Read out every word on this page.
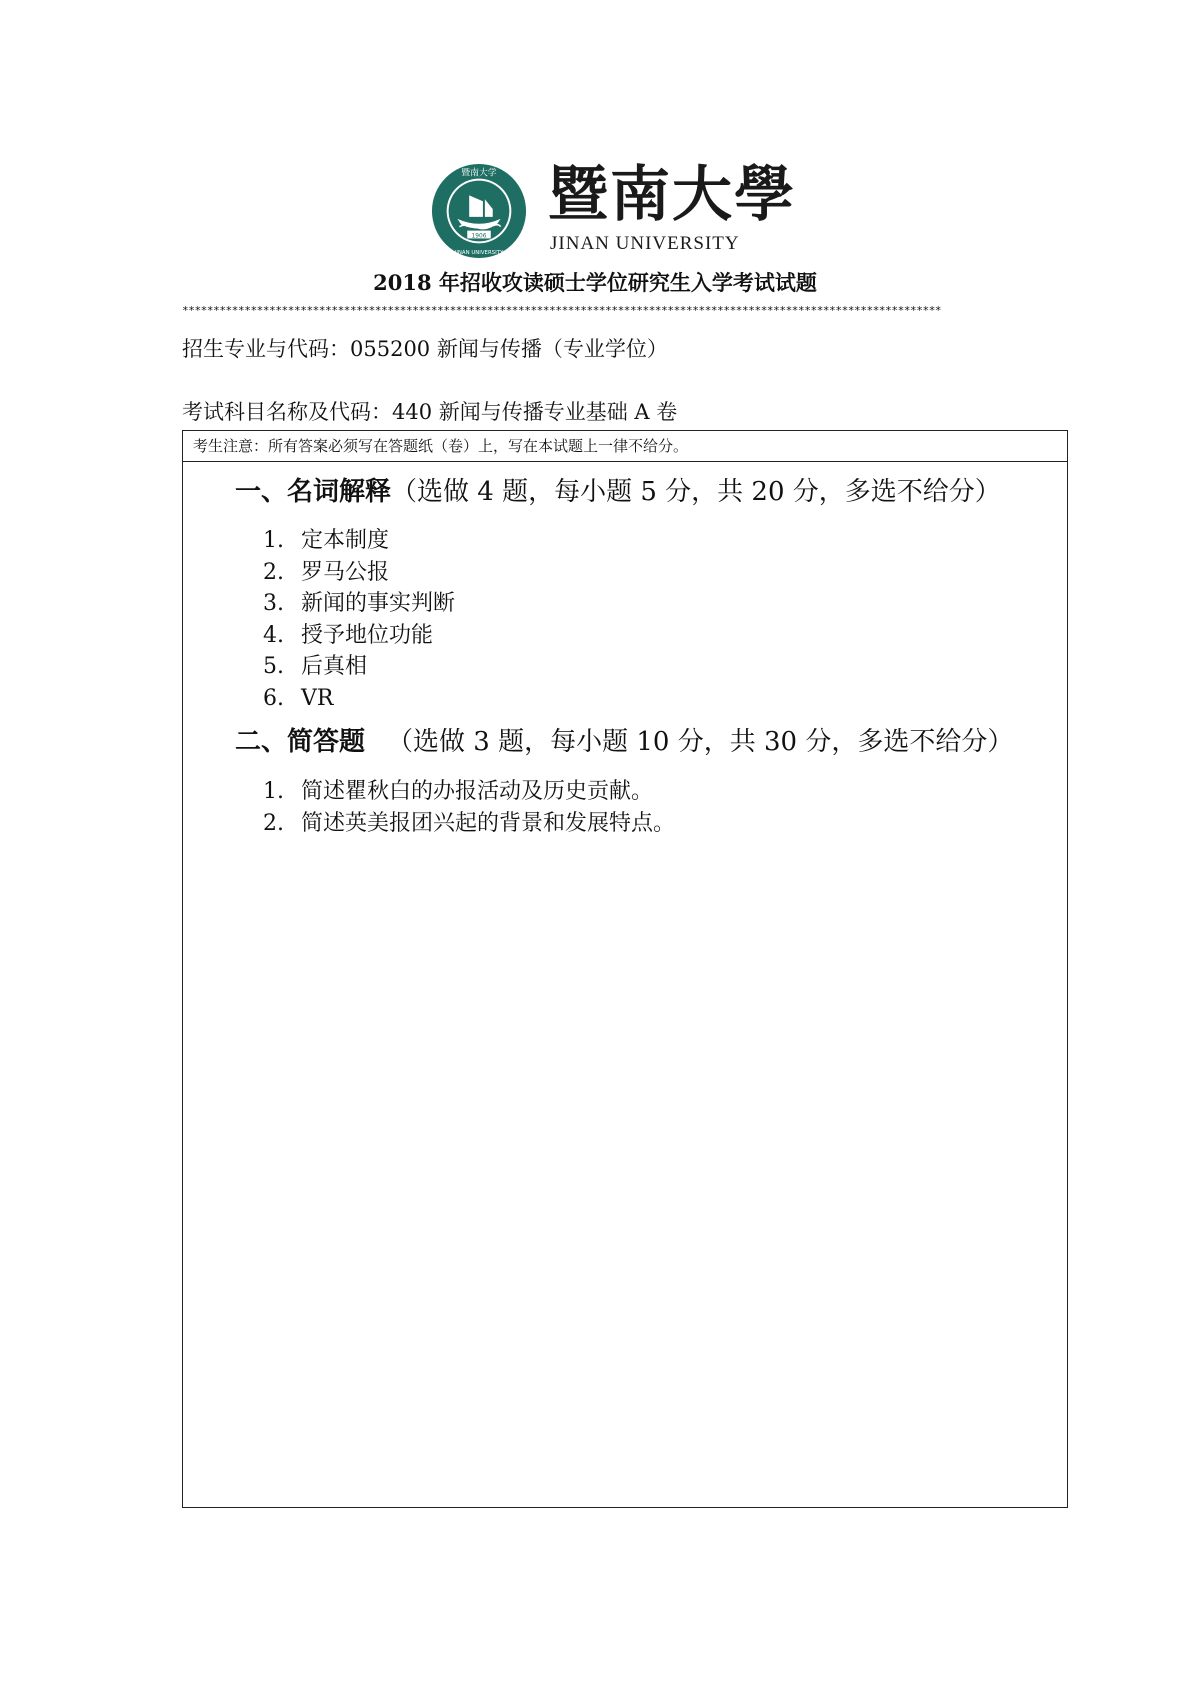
1906
暨南大学
JINAN UNIVERSITY
暨南大學
JINAN UNIVERSITY
2018 年招收攻读硕士学位研究生入学考试试题
**************************************************************************************************************************
招生专业与代码：055200 新闻与传播（专业学位）
考试科目名称及代码：440 新闻与传播专业基础 A 卷
考生注意：所有答案必须写在答题纸（卷）上，写在本试题上一律不给分。
一、名词解释（选做 4 题，每小题 5 分，共 20 分，多选不给分）
1. 定本制度
2. 罗马公报
3. 新闻的事实判断
4. 授予地位功能
5. 后真相
6. VR
二、简答题 （选做 3 题，每小题 10 分，共 30 分，多选不给分）
1. 简述瞿秋白的办报活动及历史贡献。
2. 简述英美报团兴起的背景和发展特点。
